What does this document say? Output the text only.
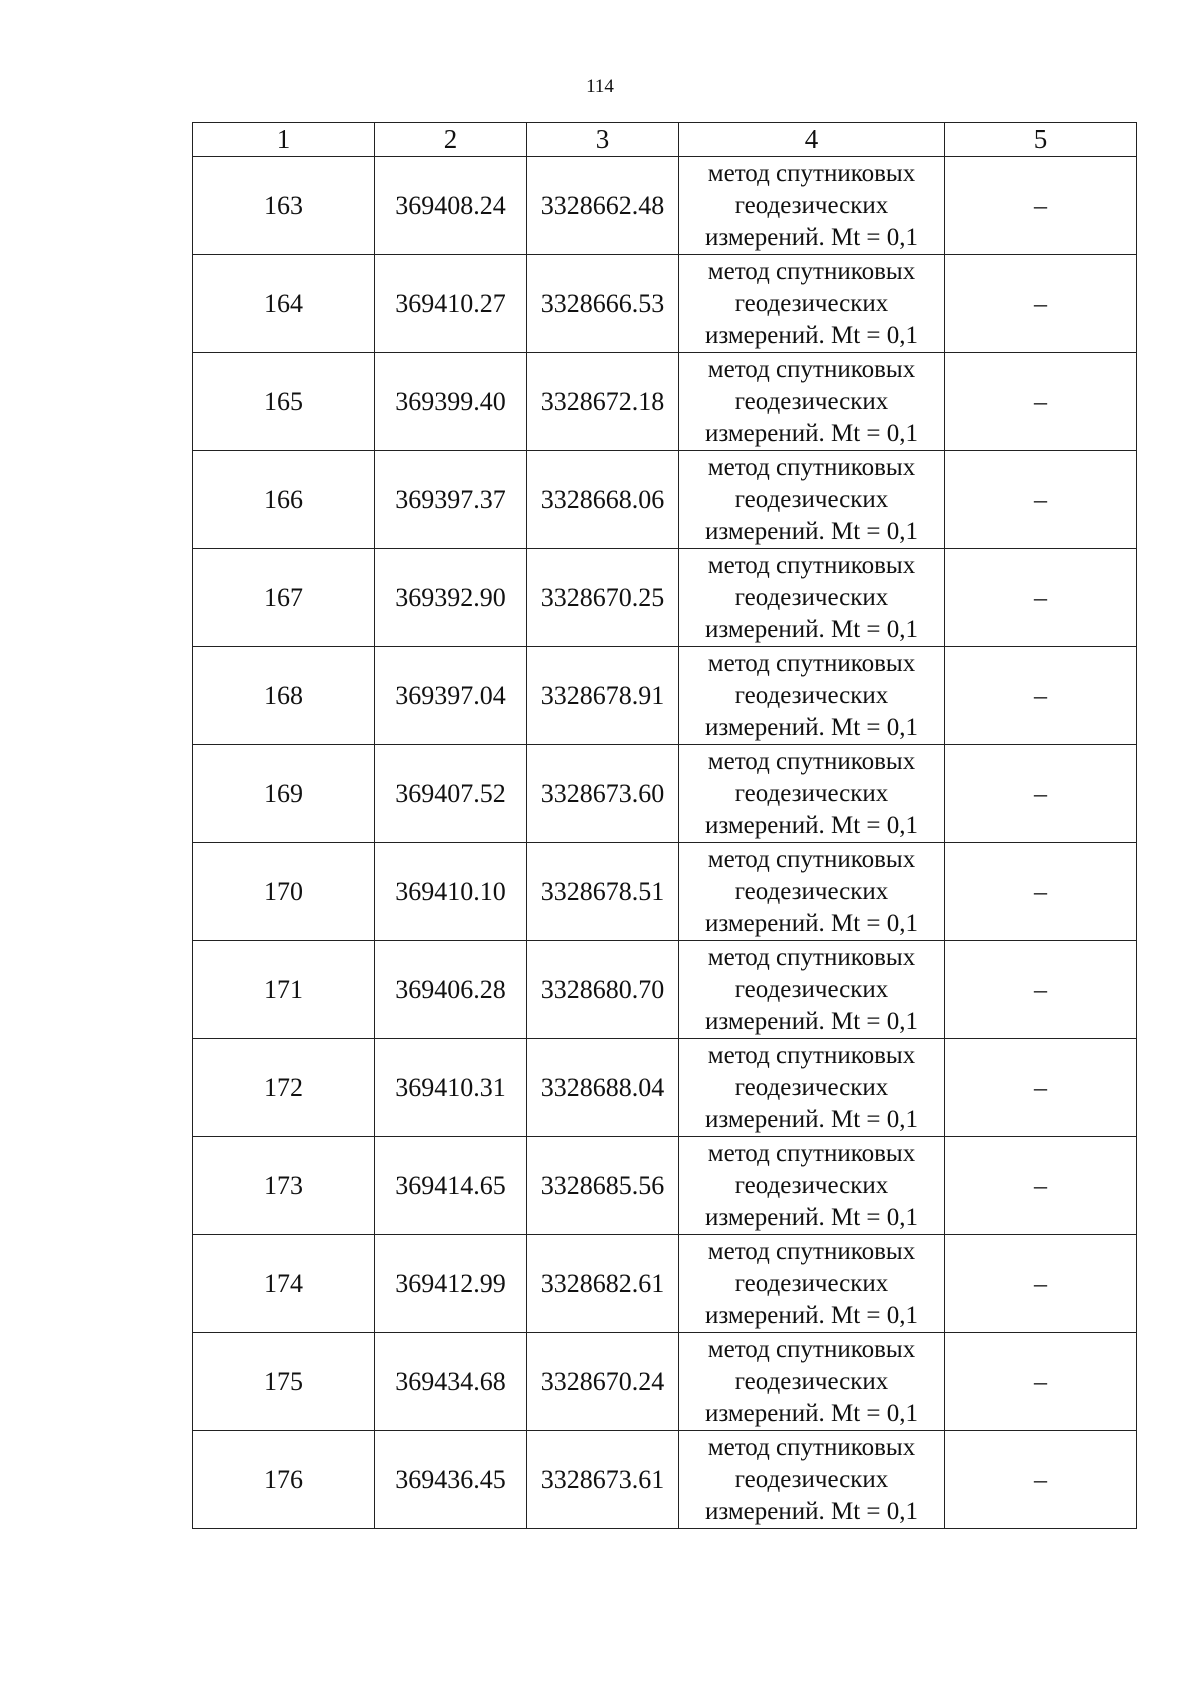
114
1	2	3	4	5
163	369408.24	3328662.48	метод спутниковых
геодезических
измерений. Mt = 0,1	–
164	369410.27	3328666.53	метод спутниковых
геодезических
измерений. Mt = 0,1	–
165	369399.40	3328672.18	метод спутниковых
геодезических
измерений. Mt = 0,1	–
166	369397.37	3328668.06	метод спутниковых
геодезических
измерений. Mt = 0,1	–
167	369392.90	3328670.25	метод спутниковых
геодезических
измерений. Mt = 0,1	–
168	369397.04	3328678.91	метод спутниковых
геодезических
измерений. Mt = 0,1	–
169	369407.52	3328673.60	метод спутниковых
геодезических
измерений. Mt = 0,1	–
170	369410.10	3328678.51	метод спутниковых
геодезических
измерений. Mt = 0,1	–
171	369406.28	3328680.70	метод спутниковых
геодезических
измерений. Mt = 0,1	–
172	369410.31	3328688.04	метод спутниковых
геодезических
измерений. Mt = 0,1	–
173	369414.65	3328685.56	метод спутниковых
геодезических
измерений. Mt = 0,1	–
174	369412.99	3328682.61	метод спутниковых
геодезических
измерений. Mt = 0,1	–
175	369434.68	3328670.24	метод спутниковых
геодезических
измерений. Mt = 0,1	–
176	369436.45	3328673.61	метод спутниковых
геодезических
измерений. Mt = 0,1	–
